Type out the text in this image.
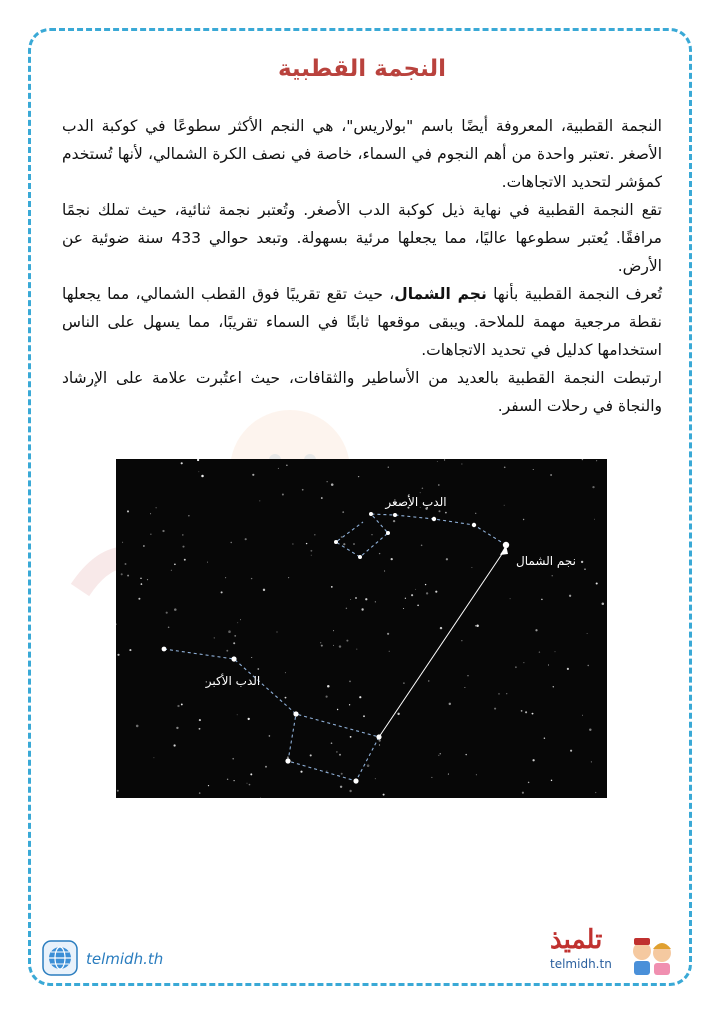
النجمة القطبية

النجمة القطبية، المعروفة أيضًا باسم "بولاريس"، هي النجم الأكثر سطوعًا في كوكبة الدب الأصغر .تعتبر واحدة من أهم النجوم في السماء، خاصة في نصف الكرة الشمالي، لأنها تُستخدم كمؤشر لتحديد الاتجاهات.

تقع النجمة القطبية في نهاية ذيل كوكبة الدب الأصغر. وتُعتبر نجمة ثنائية، حيث تملك نجمًا مرافقًا. يُعتبر سطوعها عاليًا، مما يجعلها مرئية بسهولة. وتبعد حوالي 433 سنة ضوئية عن الأرض.

تُعرف النجمة القطبية بأنها نجم الشمال، حيث تقع تقريبًا فوق القطب الشمالي، مما يجعلها نقطة مرجعية مهمة للملاحة. ويبقى موقعها ثابتًا في السماء تقريبًا، مما يسهل على الناس استخدامها كدليل في تحديد الاتجاهات.

ارتبطت النجمة القطبية بالعديد من الأساطير والثقافات، حيث اعتُبرت علامة على الإرشاد والنجاة في رحلات السفر.

الدب الأصغر
نجم الشمال
الدب الأكبر
telmidh.th
تلميذ
telmidh.tn
